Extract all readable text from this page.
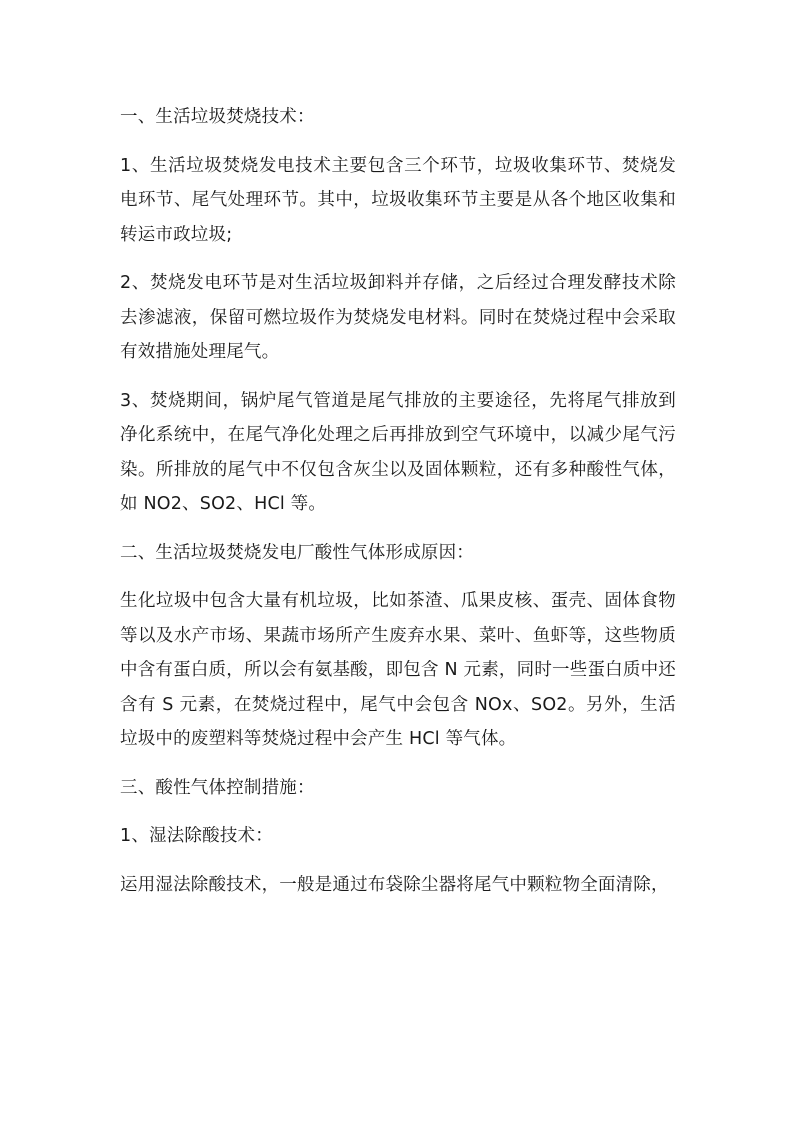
一、生活垃圾焚烧技术：

1、生活垃圾焚烧发电技术主要包含三个环节，垃圾收集环节、焚烧发电环节、尾气处理环节。其中，垃圾收集环节主要是从各个地区收集和转运市政垃圾;

2、焚烧发电环节是对生活垃圾卸料并存储，之后经过合理发酵技术除去渗滤液，保留可燃垃圾作为焚烧发电材料。同时在焚烧过程中会采取有效措施处理尾气。

3、焚烧期间，锅炉尾气管道是尾气排放的主要途径，先将尾气排放到净化系统中，在尾气净化处理之后再排放到空气环境中，以减少尾气污染。所排放的尾气中不仅包含灰尘以及固体颗粒，还有多种酸性气体，如 NO2、SO2、HCl 等。

二、生活垃圾焚烧发电厂酸性气体形成原因：

生化垃圾中包含大量有机垃圾，比如茶渣、瓜果皮核、蛋壳、固体食物等以及水产市场、果蔬市场所产生废弃水果、菜叶、鱼虾等，这些物质中含有蛋白质，所以会有氨基酸，即包含 N 元素，同时一些蛋白质中还含有 S 元素，在焚烧过程中，尾气中会包含 NOx、SO2。另外，生活垃圾中的废塑料等焚烧过程中会产生 HCl 等气体。

三、酸性气体控制措施：

1、湿法除酸技术：

运用湿法除酸技术，一般是通过布袋除尘器将尾气中颗粒物全面清除，
